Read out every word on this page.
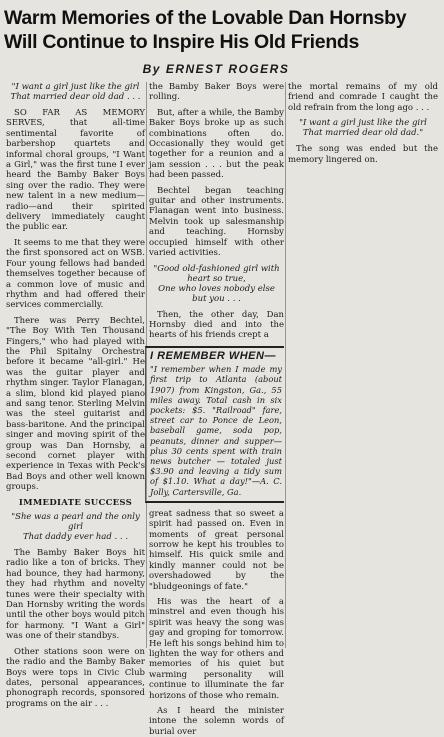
Warm Memories of the Lovable Dan Hornsby
Will Continue to Inspire His Old Friends
By ERNEST ROGERS
"I want a girl just like the girl
That married dear old dad . . .

SO FAR AS MEMORY SERVES, that all-time sentimental favorite of barbershop quartets and informal choral groups, "I Want a Girl," was the first tune I ever heard the Bamby Baker Boys sing over the radio. They were new talent in a new medium—radio—and their spirited delivery immediately caught the public ear.

It seems to me that they were the first sponsored act on WSB. Four young fellows had banded themselves together because of a common love of music and rhythm and had offered their services commercially.

There was Perry Bechtel, "The Boy With Ten Thousand Fingers," who had played with the Phil Spitalny Orchestra before it became "all-girl." He was the guitar player and rhythm singer. Taylor Flanagan, a slim, blond kid played piano and sang tenor. Sterling Melvin was the steel guitarist and bass-baritone. And the principal singer and moving spirit of the group was Dan Hornsby, a second cornet player with experience in Texas with Peck's Bad Boys and other well known groups.

IMMEDIATE SUCCESS
"She was a pearl and the only
girl
That daddy ever had . . .

The Bamby Baker Boys hit radio like a ton of bricks. They had bounce, they had harmony, they had rhythm and novelty tunes were their specialty with Dan Hornsby writing the words until the other boys would pitch for harmony. "I Want a Girl" was one of their standbys.

Other stations soon were on the radio and the Bamby Baker Boys were tops in Civic Club dates, personal appearances, phonograph records, sponsored programs on the air . . .

the Bamby Baker Boys were rolling.

But, after a while, the Bamby Baker Boys broke up as such combinations often do. Occasionally they would get together for a reunion and a jam session . . . but the peak had been passed.

Bechtel began teaching guitar and other instruments. Flanagan went into business. Melvin took up salesmanship and teaching. Hornsby occupied himself with other varied activities.

"Good old-fashioned girl with
heart so true,
One who loves nobody else
but you . . .

Then, the other day, Dan Hornsby died and into the hearts of his friends crept a

I REMEMBER WHEN—
"I remember when I made my first trip to Atlanta (about 1907) from Kingston, Ga., 55 miles away. Total cash in six pockets: $5. "Railroad" fare, street car to Ponce de Leon, baseball game, soda pop, peanuts, dinner and supper—plus 30 cents spent with train news butcher — totaled just $3.90 and leaving a tidy sum of $1.10. What a day!"—A. C. Jolly, Cartersville, Ga.

great sadness that so sweet a spirit had passed on. Even in moments of great personal sorrow he kept his troubles to himself. His quick smile and kindly manner could not be overshadowed by the "bludgeonings of fate."

His was the heart of a minstrel and even though his spirit was heavy the song was gay and groping for tomorrow. He left his songs behind him to lighten the way for others and memories of his quiet but warming personality will continue to illuminate the far horizons of those who remain.

As I heard the minister intone the solemn words of burial over

the mortal remains of my old friend and comrade I caught the old refrain from the long ago . . .

"I want a girl just like the girl
That married dear old dad."

The song was ended but the memory lingered on.
